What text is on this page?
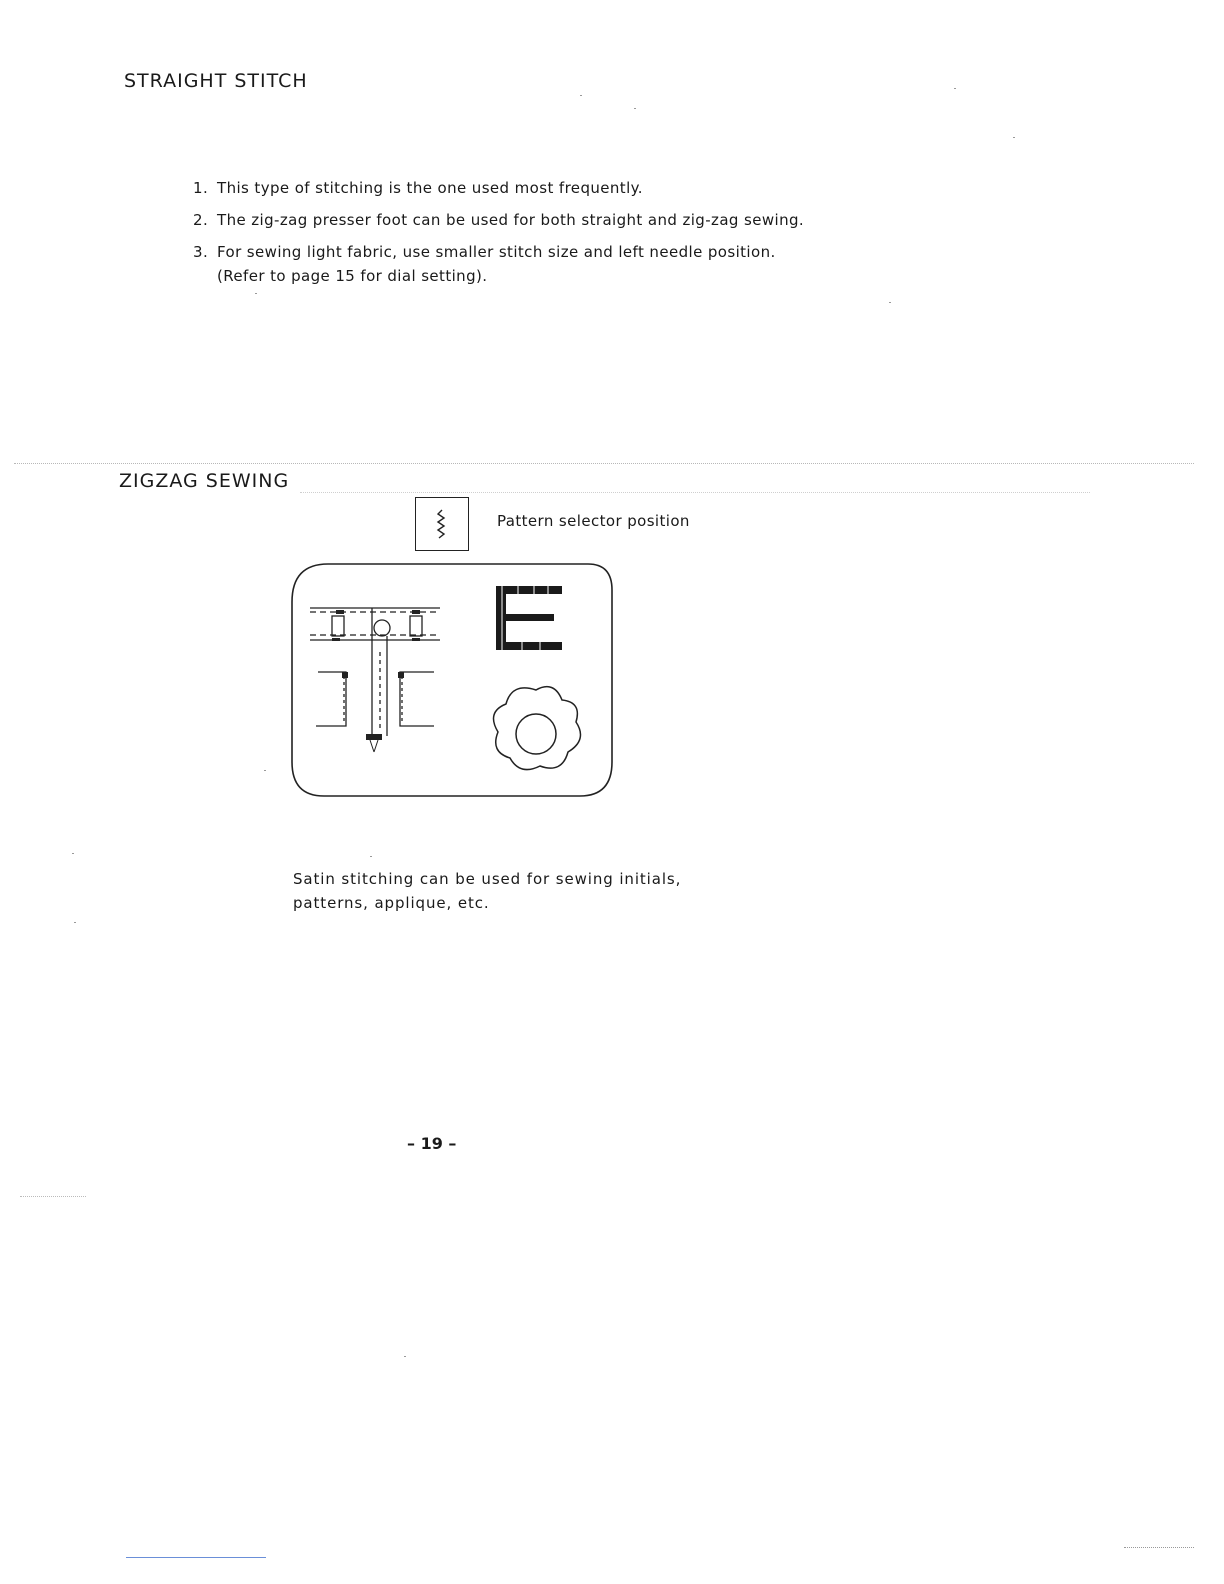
STRAIGHT STITCH
1. This type of stitching is the one used most frequently.
2. The zig-zag presser foot can be used for both straight and zig-zag sewing.
3. For sewing light fabric, use smaller stitch size and left needle position.
(Refer to page 15 for dial setting).
ZIGZAG SEWING
Pattern selector position
Satin stitching can be used for sewing initials,
patterns, applique, etc.
– 19 –
